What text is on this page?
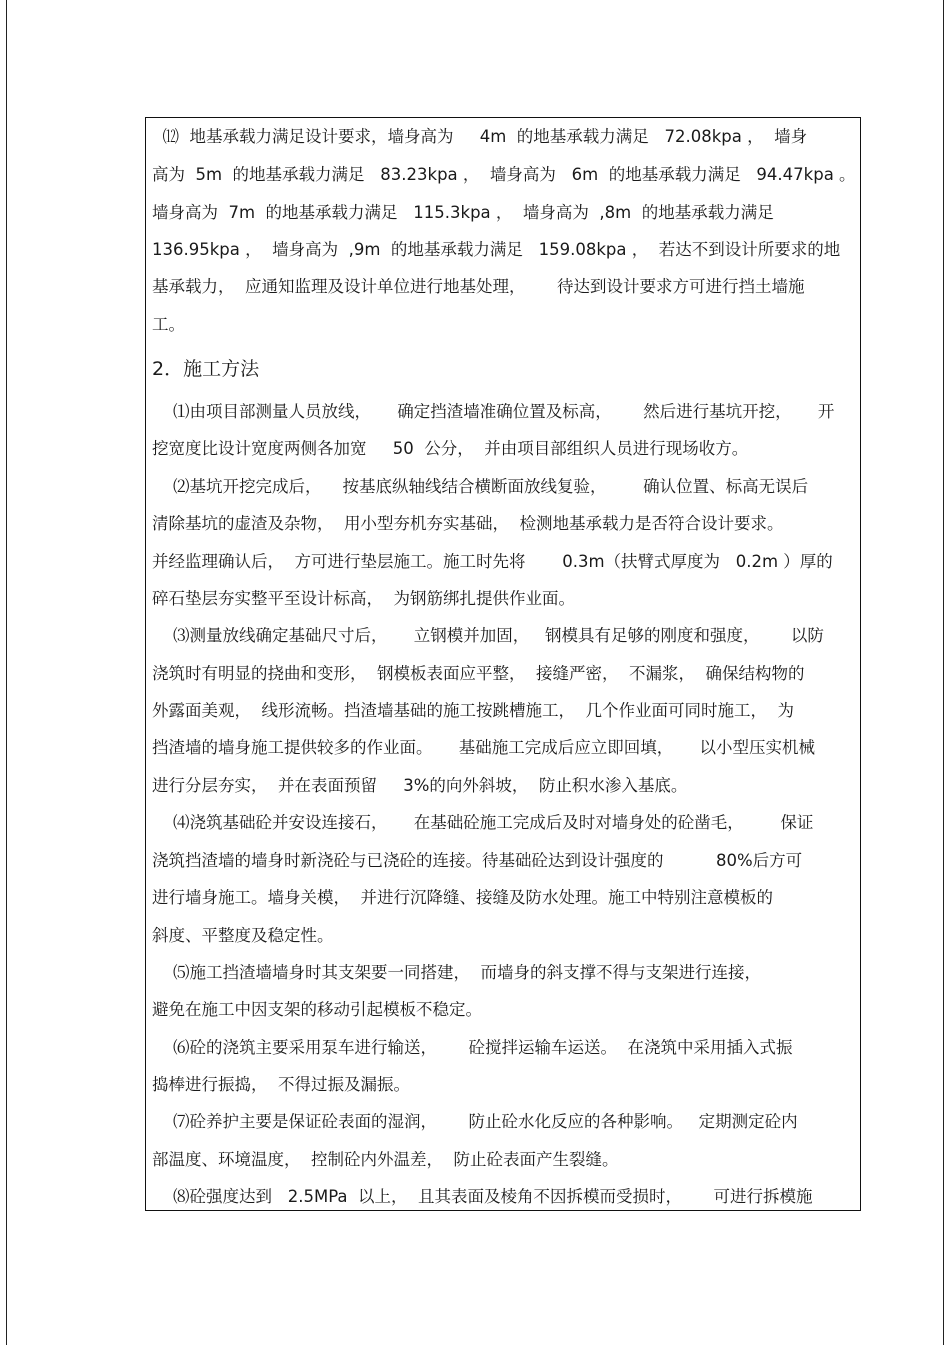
⑿  地基承载力满足设计要求，墙身高为     4m  的地基承载力满足   72.08kpa ，  墙身
高为  5m  的地基承载力满足   83.23kpa ，  墙身高为   6m  的地基承载力满足   94.47kpa 。
墙身高为  7m  的地基承载力满足   115.3kpa ，  墙身高为  ,8m  的地基承载力满足
136.95kpa ，  墙身高为  ,9m  的地基承载力满足   159.08kpa ，  若达不到设计所要求的地
基承载力，  应通知监理及设计单位进行地基处理，      待达到设计要求方可进行挡土墙施
工。
2．施工方法
⑴由项目部测量人员放线，     确定挡渣墙准确位置及标高，      然后进行基坑开挖，     开
挖宽度比设计宽度两侧各加宽     50  公分，  并由项目部组织人员进行现场收方。
⑵基坑开挖完成后，    按基底纵轴线结合横断面放线复验，       确认位置、标高无误后
清除基坑的虚渣及杂物，  用小型夯机夯实基础，  检测地基承载力是否符合设计要求。
并经监理确认后，  方可进行垫层施工。施工时先将       0.3m（扶臂式厚度为   0.2m ）厚的
碎石垫层夯实整平至设计标高，  为钢筋绑扎提供作业面。
⑶测量放线确定基础尺寸后，     立钢模并加固，   钢模具有足够的刚度和强度，      以防
浇筑时有明显的挠曲和变形，  钢模板表面应平整，  接缝严密，  不漏浆，  确保结构物的
外露面美观，  线形流畅。挡渣墙基础的施工按跳槽施工，  几个作业面可同时施工，  为
挡渣墙的墙身施工提供较多的作业面。     基础施工完成后应立即回填，     以小型压实机械
进行分层夯实，  并在表面预留     3%的向外斜坡，  防止积水渗入基底。
⑷浇筑基础砼并安设连接石，     在基础砼施工完成后及时对墙身处的砼凿毛，       保证
浇筑挡渣墙的墙身时新浇砼与已浇砼的连接。待基础砼达到设计强度的          80%后方可
进行墙身施工。墙身关模，  并进行沉降缝、接缝及防水处理。施工中特别注意模板的
斜度、平整度及稳定性。
⑸施工挡渣墙墙身时其支架要一同搭建，  而墙身的斜支撑不得与支架进行连接，
避免在施工中因支架的移动引起模板不稳定。
⑹砼的浇筑主要采用泵车进行输送，      砼搅拌运输车运送。  在浇筑中采用插入式振
捣棒进行振捣，  不得过振及漏振。
⑺砼养护主要是保证砼表面的湿润，      防止砼水化反应的各种影响。   定期测定砼内
部温度、环境温度，  控制砼内外温差，  防止砼表面产生裂缝。
⑻砼强度达到   2.5MPa  以上，  且其表面及棱角不因拆模而受损时，      可进行拆模施
